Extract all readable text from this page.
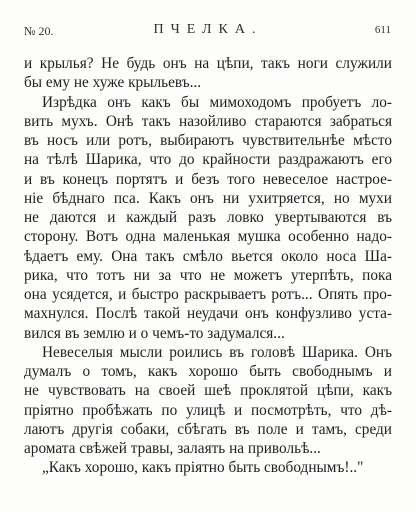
№ 20.	ПЧЕЛКА.	611
и крылья? Не будь онъ на цѣпи, такъ ноги служили
бы ему не хуже крыльевъ...
Изрѣдка онъ какъ бы мимоходомъ пробуетъ ло-
вить мухъ. Онѣ такъ назойливо стараются забраться
въ носъ или ротъ, выбираютъ чувствительнѣе мѣсто
на тѣлѣ Шарика, что до крайности раздражаютъ его
и въ конецъ портятъ и безъ того невеселое настрое-
ніе бѣднаго пса. Какъ онъ ни ухитряется, но мухи
не даются и каждый разъ ловко увертываются въ
сторону. Вотъ одна маленькая мушка особенно надо-
ѣдаетъ ему. Она такъ смѣло вьется около носа Ша-
рика, что тотъ ни за что не можетъ утерпѣть, пока
она усядется, и быстро раскрываетъ ротъ... Опять про-
махнулся. Послѣ такой неудачи онъ конфузливо уста-
вился въ землю и о чемъ-то задумался...
Невеселыя мысли роились въ головѣ Шарика. Онъ
думалъ о томъ, какъ хорошо быть свободнымъ и
не чувствовать на своей шеѣ проклятой цѣпи, какъ
пріятно пробѣжать по улицѣ и посмотрѣть, что дѣ-
лаютъ другія собаки, сбѣгать въ поле и тамъ, среди
аромата свѣжей травы, залаять на привольѣ...
„Какъ хорошо, какъ пріятно быть свободнымъ!.."
